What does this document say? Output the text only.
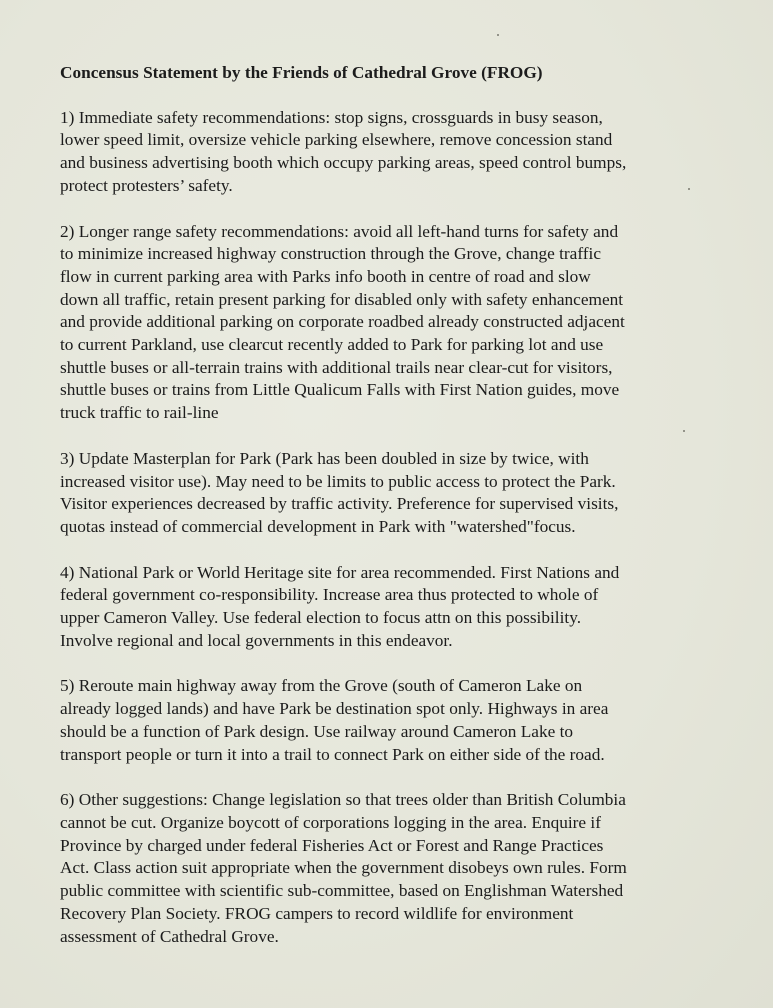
Concensus Statement by the Friends of Cathedral Grove (FROG)
1) Immediate safety recommendations: stop signs, crossguards in busy season,
lower speed limit, oversize vehicle parking elsewhere, remove concession stand
and business advertising booth which occupy parking areas, speed control bumps,
protect protesters’ safety.
2) Longer range safety recommendations: avoid all left-hand turns for safety and
to minimize increased highway construction through the Grove, change traffic
flow in current parking area with Parks info booth in centre of road and slow
down all traffic, retain present parking for disabled only with safety enhancement
and provide additional parking on corporate roadbed already constructed adjacent
to current Parkland, use clearcut recently added to Park for parking lot and use
shuttle buses or all-terrain trains with additional trails near clear-cut for visitors,
shuttle buses or trains from Little Qualicum Falls with First Nation guides, move
truck traffic to rail-line
3) Update Masterplan for Park (Park has been doubled in size by twice, with
increased visitor use). May need to be limits to public access to protect the Park.
Visitor experiences decreased by traffic activity. Preference for supervised visits,
quotas instead of commercial development in Park with "watershed"focus.
4) National Park or World Heritage site for area recommended. First Nations and
federal government co-responsibility. Increase area thus protected to whole of
upper Cameron Valley. Use federal election to focus attn on this possibility.
Involve regional and local governments in this endeavor.
5) Reroute main highway away from the Grove (south of Cameron Lake on
already logged lands) and have Park be destination spot only. Highways in area
should be a function of Park design. Use railway around Cameron Lake to
transport people or turn it into a trail to connect Park on either side of the road.
6) Other suggestions: Change legislation so that trees older than British Columbia
cannot be cut. Organize boycott of corporations logging in the area. Enquire if
Province by charged under federal Fisheries Act or Forest and Range Practices
Act. Class action suit appropriate when the government disobeys own rules. Form
public committee with scientific sub-committee, based on Englishman Watershed
Recovery Plan Society. FROG campers to record wildlife for environment
assessment of Cathedral Grove.
